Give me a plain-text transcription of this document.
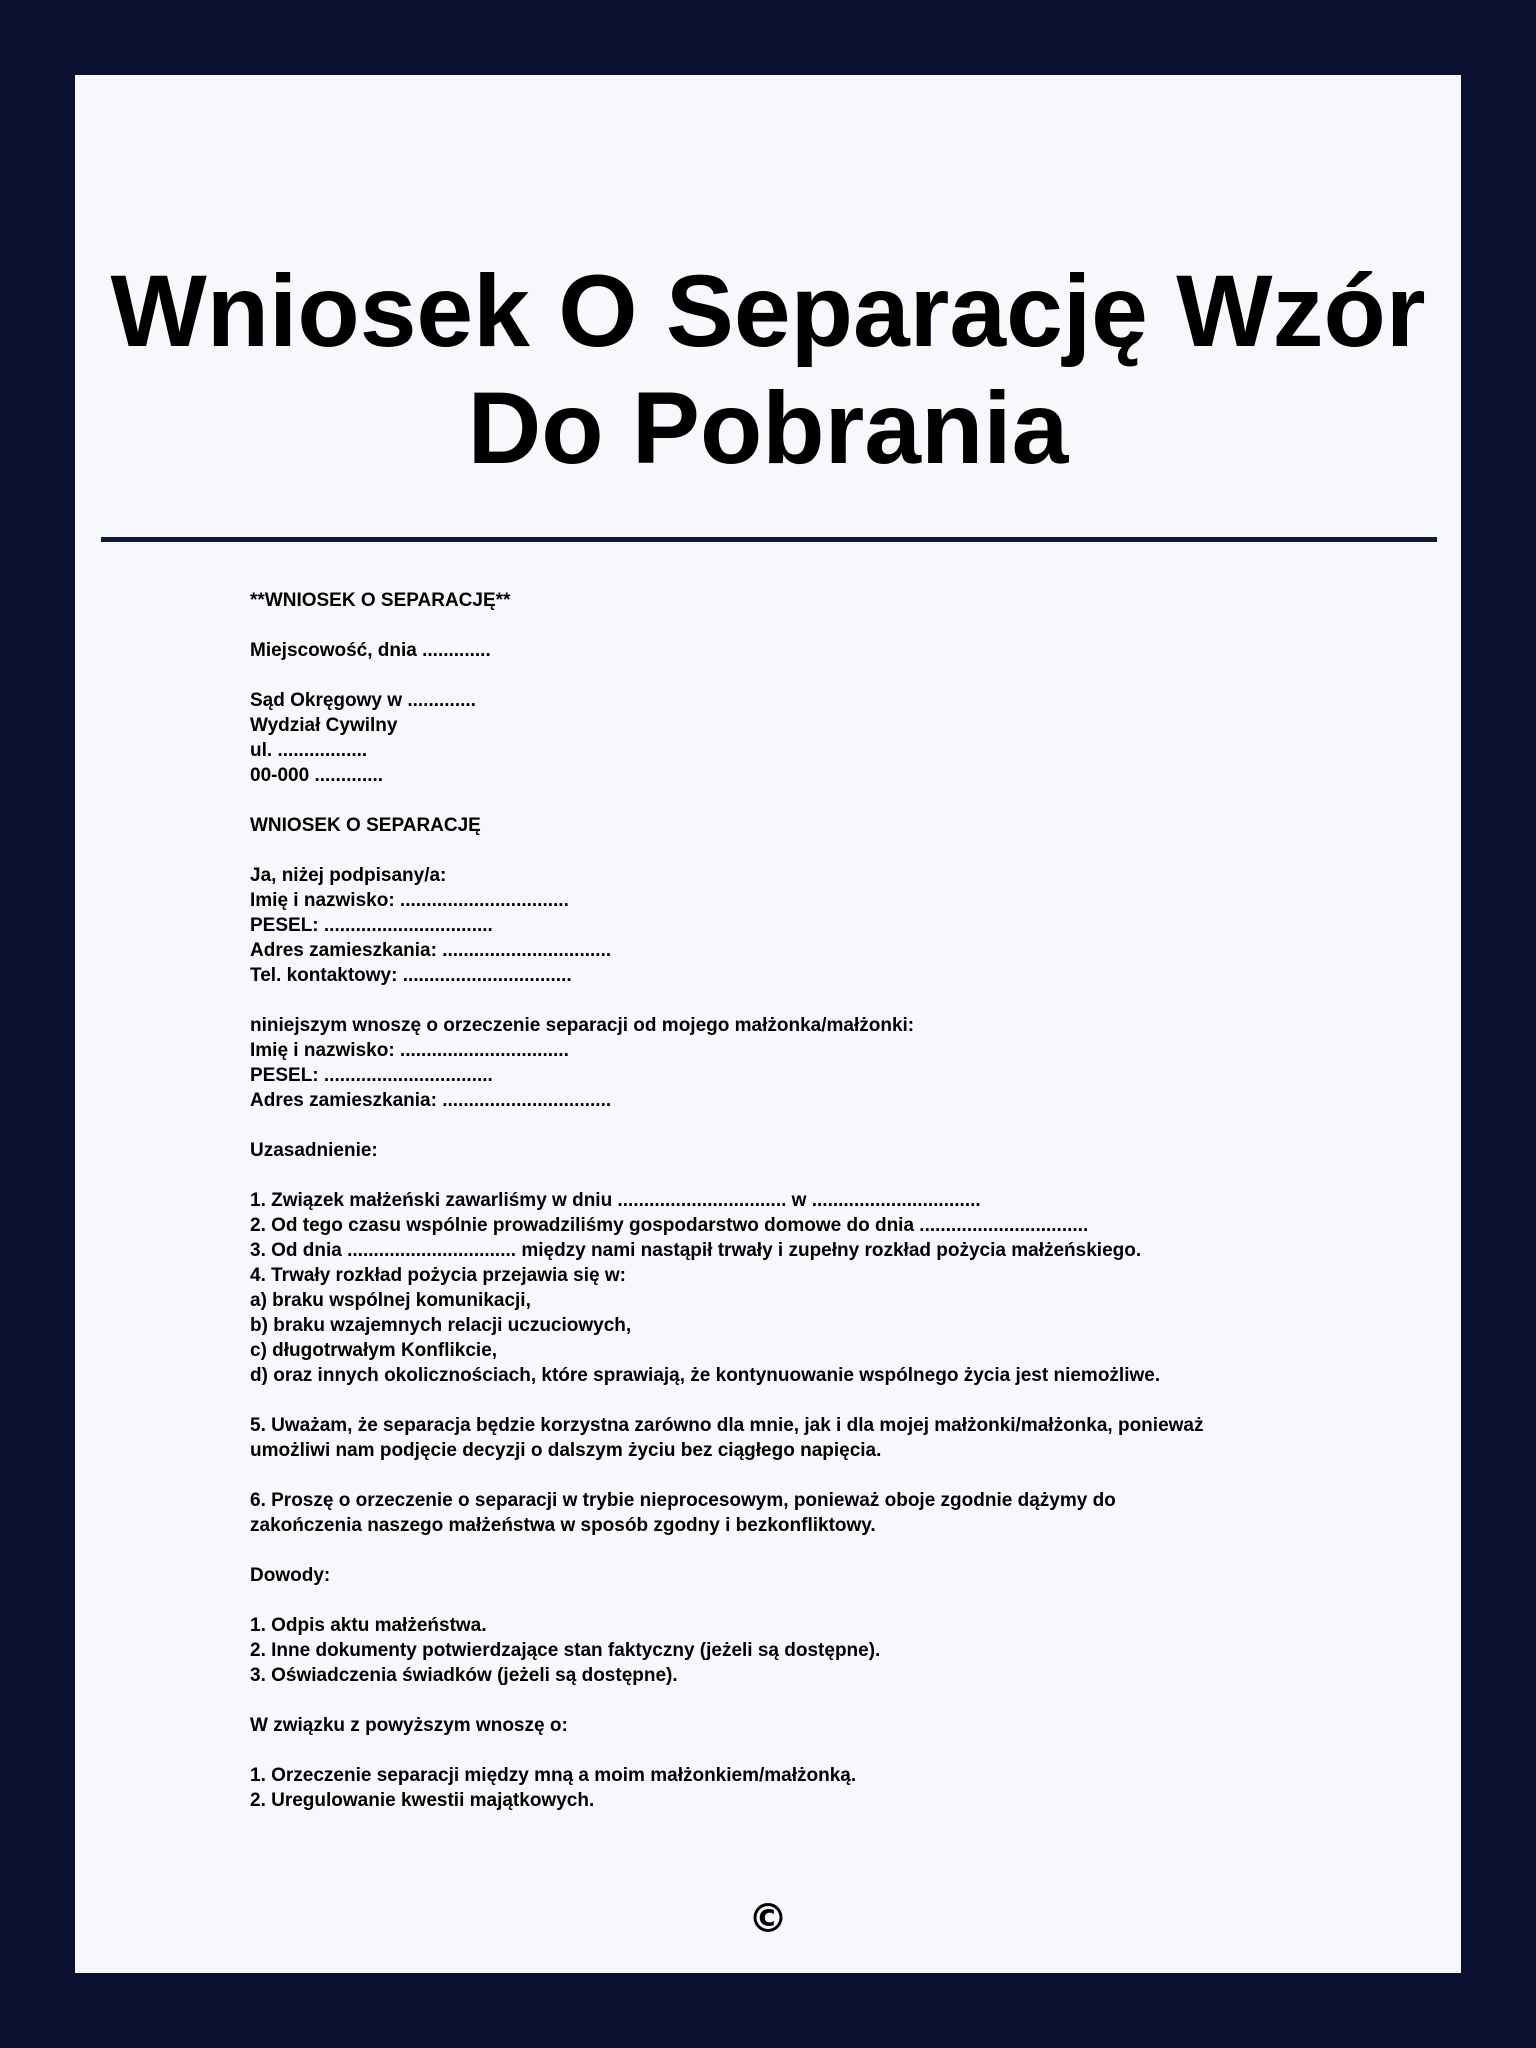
Wniosek O Separację Wzór
Do Pobrania
**WNIOSEK O SEPARACJĘ**
Miejscowość, dnia .............
Sąd Okręgowy w .............
Wydział Cywilny
ul. .................
00-000 .............
WNIOSEK O SEPARACJĘ
Ja, niżej podpisany/a:
Imię i nazwisko: ................................
PESEL: ................................
Adres zamieszkania: ................................
Tel. kontaktowy: ................................
niniejszym wnoszę o orzeczenie separacji od mojego małżonka/małżonki:
Imię i nazwisko: ................................
PESEL: ................................
Adres zamieszkania: ................................
Uzasadnienie:
1. Związek małżeński zawarliśmy w dniu ................................ w ................................
2. Od tego czasu wspólnie prowadziliśmy gospodarstwo domowe do dnia ................................
3. Od dnia ................................ między nami nastąpił trwały i zupełny rozkład pożycia małżeńskiego.
4. Trwały rozkład pożycia przejawia się w:
a) braku wspólnej komunikacji,
b) braku wzajemnych relacji uczuciowych,
c) długotrwałym Konflikcie,
d) oraz innych okolicznościach, które sprawiają, że kontynuowanie wspólnego życia jest niemożliwe.
5. Uważam, że separacja będzie korzystna zarówno dla mnie, jak i dla mojej małżonki/małżonka, ponieważ
umożliwi nam podjęcie decyzji o dalszym życiu bez ciągłego napięcia.
6. Proszę o orzeczenie o separacji w trybie nieprocesowym, ponieważ oboje zgodnie dążymy do
zakończenia naszego małżeństwa w sposób zgodny i bezkonfliktowy.
Dowody:
1. Odpis aktu małżeństwa.
2. Inne dokumenty potwierdzające stan faktyczny (jeżeli są dostępne).
3. Oświadczenia świadków (jeżeli są dostępne).
W związku z powyższym wnoszę o:
1. Orzeczenie separacji między mną a moim małżonkiem/małżonką.
2. Uregulowanie kwestii majątkowych.
©
